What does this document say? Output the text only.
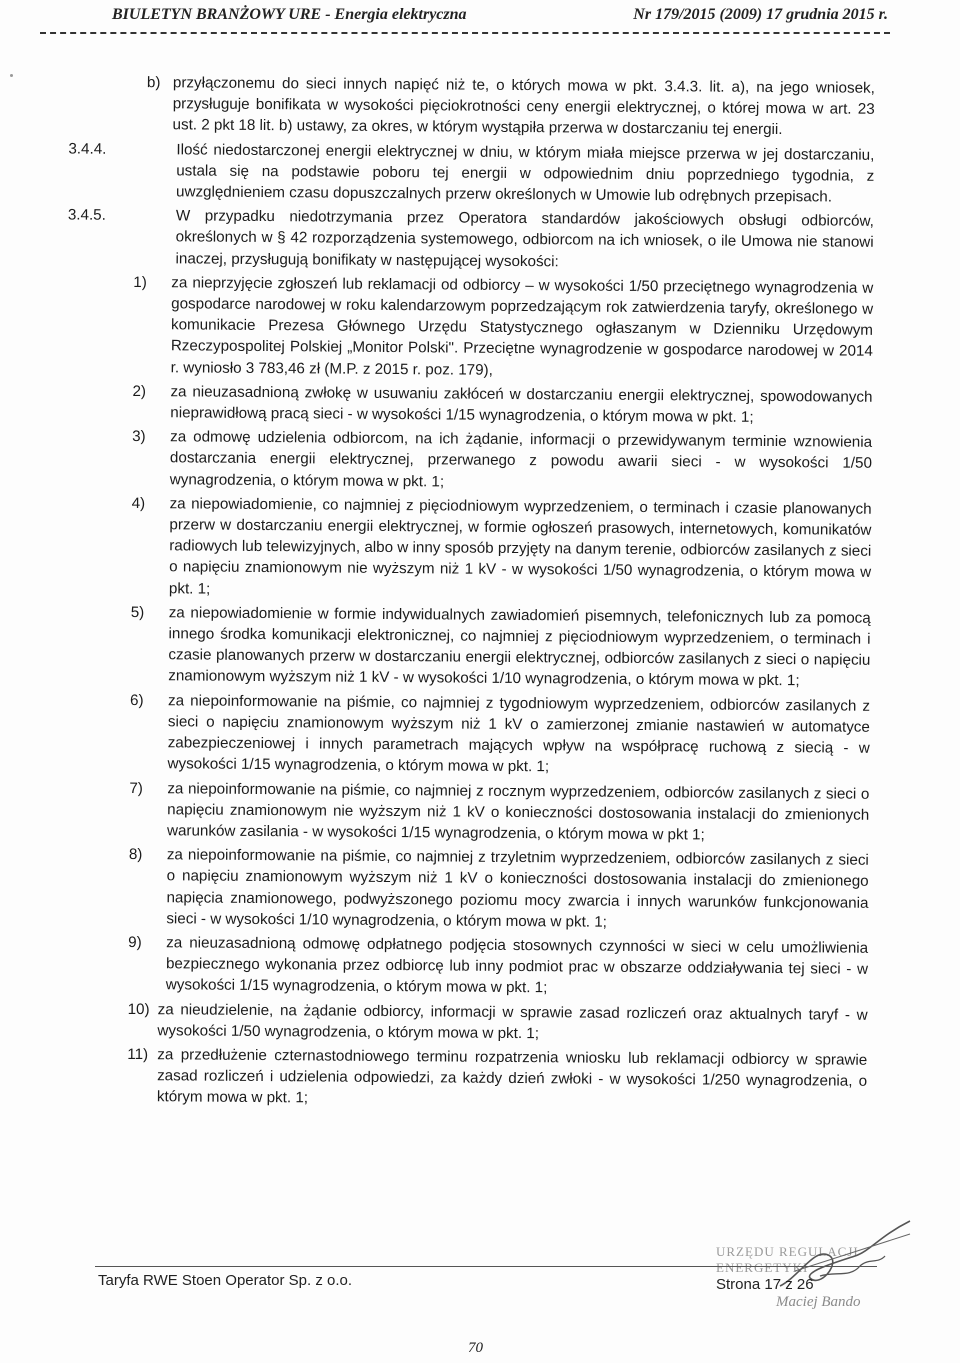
BIULETYN BRANŻOWY URE - Energia elektryczna	Nr 179/2015 (2009) 17 grudnia 2015 r.
b) przyłączonemu do sieci innych napięć niż te, o których mowa w pkt. 3.4.3. lit. a), na jego wniosek, przysługuje bonifikata w wysokości pięciokrotności ceny energii elektrycznej, o której mowa w art. 23 ust. 2 pkt 18 lit. b) ustawy, za okres, w którym wystąpiła przerwa w dostarczaniu tej energii.
3.4.4.	Ilość niedostarczonej energii elektrycznej w dniu, w którym miała miejsce przerwa w jej dostarczaniu, ustala się na podstawie poboru tej energii w odpowiednim dniu poprzedniego tygodnia, z uwzględnieniem czasu dopuszczalnych przerw określonych w Umowie lub odrębnych przepisach.
3.4.5.	W przypadku niedotrzymania przez Operatora standardów jakościowych obsługi odbiorców, określonych w § 42 rozporządzenia systemowego, odbiorcom na ich wniosek, o ile Umowa nie stanowi inaczej, przysługują bonifikaty w następującej wysokości:
1) za nieprzyjęcie zgłoszeń lub reklamacji od odbiorcy – w wysokości 1/50 przeciętnego wynagrodzenia w gospodarce narodowej w roku kalendarzowym poprzedzającym rok zatwierdzenia taryfy, określonego w komunikacie Prezesa Głównego Urzędu Statystycznego ogłaszanym w Dzienniku Urzędowym Rzeczypospolitej Polskiej „Monitor Polski". Przeciętne wynagrodzenie w gospodarce narodowej w 2014 r. wyniosło 3 783,46 zł (M.P. z 2015 r. poz. 179),
2) za nieuzasadnioną zwłokę w usuwaniu zakłóceń w dostarczaniu energii elektrycznej, spowodowanych nieprawidłową pracą sieci - w wysokości 1/15 wynagrodzenia, o którym mowa w pkt. 1;
3) za odmowę udzielenia odbiorcom, na ich żądanie, informacji o przewidywanym terminie wznowienia dostarczania energii elektrycznej, przerwanego z powodu awarii sieci - w wysokości 1/50 wynagrodzenia, o którym mowa w pkt. 1;
4) za niepowiadomienie, co najmniej z pięciodniowym wyprzedzeniem, o terminach i czasie planowanych przerw w dostarczaniu energii elektrycznej, w formie ogłoszeń prasowych, internetowych, komunikatów radiowych lub telewizyjnych, albo w inny sposób przyjęty na danym terenie, odbiorców zasilanych z sieci o napięciu znamionowym nie wyższym niż 1 kV - w wysokości 1/50 wynagrodzenia, o którym mowa w pkt. 1;
5) za niepowiadomienie w formie indywidualnych zawiadomień pisemnych, telefonicznych lub za pomocą innego środka komunikacji elektronicznej, co najmniej z pięciodniowym wyprzedzeniem, o terminach i czasie planowanych przerw w dostarczaniu energii elektrycznej, odbiorców zasilanych z sieci o napięciu znamionowym wyższym niż 1 kV - w wysokości 1/10 wynagrodzenia, o którym mowa w pkt. 1;
6) za niepoinformowanie na piśmie, co najmniej z tygodniowym wyprzedzeniem, odbiorców zasilanych z sieci o napięciu znamionowym wyższym niż 1 kV o zamierzonej zmianie nastawień w automatyce zabezpieczeniowej i innych parametrach mających wpływ na współpracę ruchową z siecią - w wysokości 1/15 wynagrodzenia, o którym mowa w pkt. 1;
7) za niepoinformowanie na piśmie, co najmniej z rocznym wyprzedzeniem, odbiorców zasilanych z sieci o napięciu znamionowym nie wyższym niż 1 kV o konieczności dostosowania instalacji do zmienionych warunków zasilania - w wysokości 1/15 wynagrodzenia, o którym mowa w pkt 1;
8) za niepoinformowanie na piśmie, co najmniej z trzyletnim wyprzedzeniem, odbiorców zasilanych z sieci o napięciu znamionowym wyższym niż 1 kV o konieczności dostosowania instalacji do zmienionego napięcia znamionowego, podwyższonego poziomu mocy zwarcia i innych warunków funkcjonowania sieci - w wysokości 1/10 wynagrodzenia, o którym mowa w pkt. 1;
9) za nieuzasadnioną odmowę odpłatnego podjęcia stosownych czynności w sieci w celu umożliwienia bezpiecznego wykonania przez odbiorcę lub inny podmiot prac w obszarze oddziaływania tej sieci - w wysokości 1/15 wynagrodzenia, o którym mowa w pkt. 1;
10) za nieudzielenie, na żądanie odbiorcy, informacji w sprawie zasad rozliczeń oraz aktualnych taryf - w wysokości 1/50 wynagrodzenia, o którym mowa w pkt. 1;
11) za przedłużenie czternastodniowego terminu rozpatrzenia wniosku lub reklamacji odbiorcy w sprawie zasad rozliczeń i udzielenia odpowiedzi, za każdy dzień zwłoki - w wysokości 1/250 wynagrodzenia, o którym mowa w pkt. 1;
URZĘDU REGULACJI ENERGETYKI
Maciej Bando
Taryfa RWE Stoen Operator Sp. z o.o.	Strona 17 z 26
70
